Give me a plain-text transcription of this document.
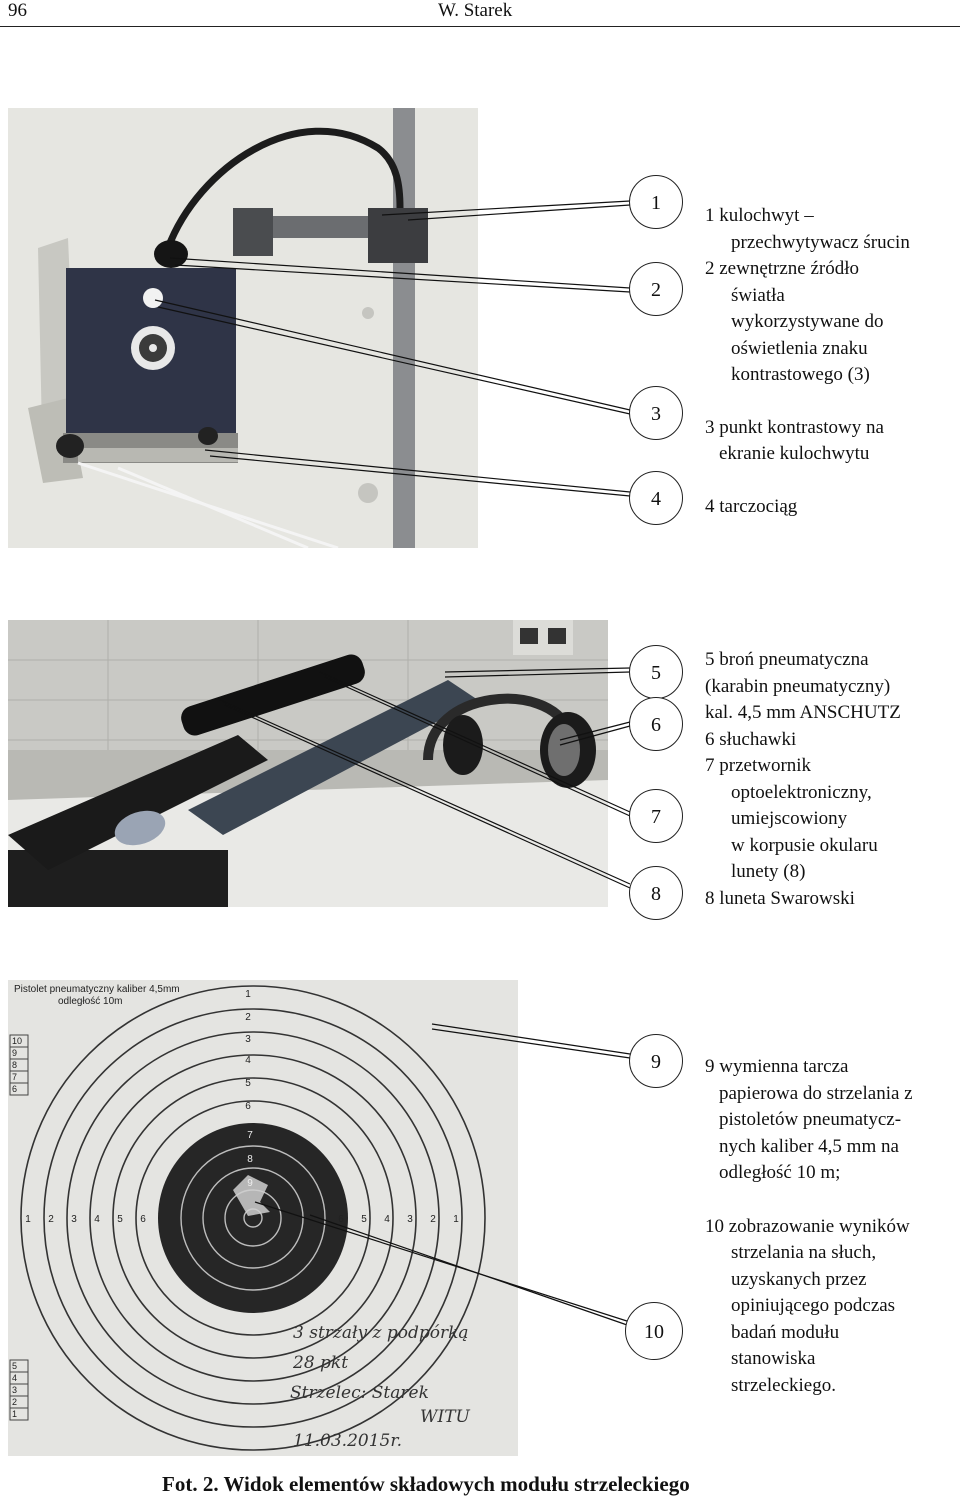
96	W. Starek
Pistolet pneumatyczny kaliber 4,5mm
odległość 10m
1
2
3
4
5
6
7
8
9
1 2 3 4 5 6	1
2
3
4
5
6
10
9
8
7
6
5
4
3
2
1
3 strzały z podpórką
28 pkt
Strzelec: Starek
WITU
11.03.2015r.
1
2
3
4
5
6
7
8
9
10
1 kulochwyt –
przechwytywacz śrucin
2 zewnętrzne źródło
światła
wykorzystywane do
oświetlenia znaku
kontrastowego (3)
3 punkt kontrastowy na
ekranie kulochwytu
4 tarczociąg
5 broń pneumatyczna
(karabin pneumatyczny)
kal. 4,5 mm ANSCHUTZ
6 słuchawki
7 przetwornik
optoelektroniczny,
umiejscowiony
w korpusie okularu
lunety (8)
8 luneta Swarowski
9 wymienna tarcza
papierowa do strzelania z
pistoletów pneumatycz-
nych kaliber 4,5 mm na
odległość 10 m;
10 zobrazowanie wyników
strzelania na słuch,
uzyskanych przez
opiniującego podczas
badań modułu
stanowiska
strzeleckiego.
Fot. 2. Widok elementów składowych modułu strzeleckiego
